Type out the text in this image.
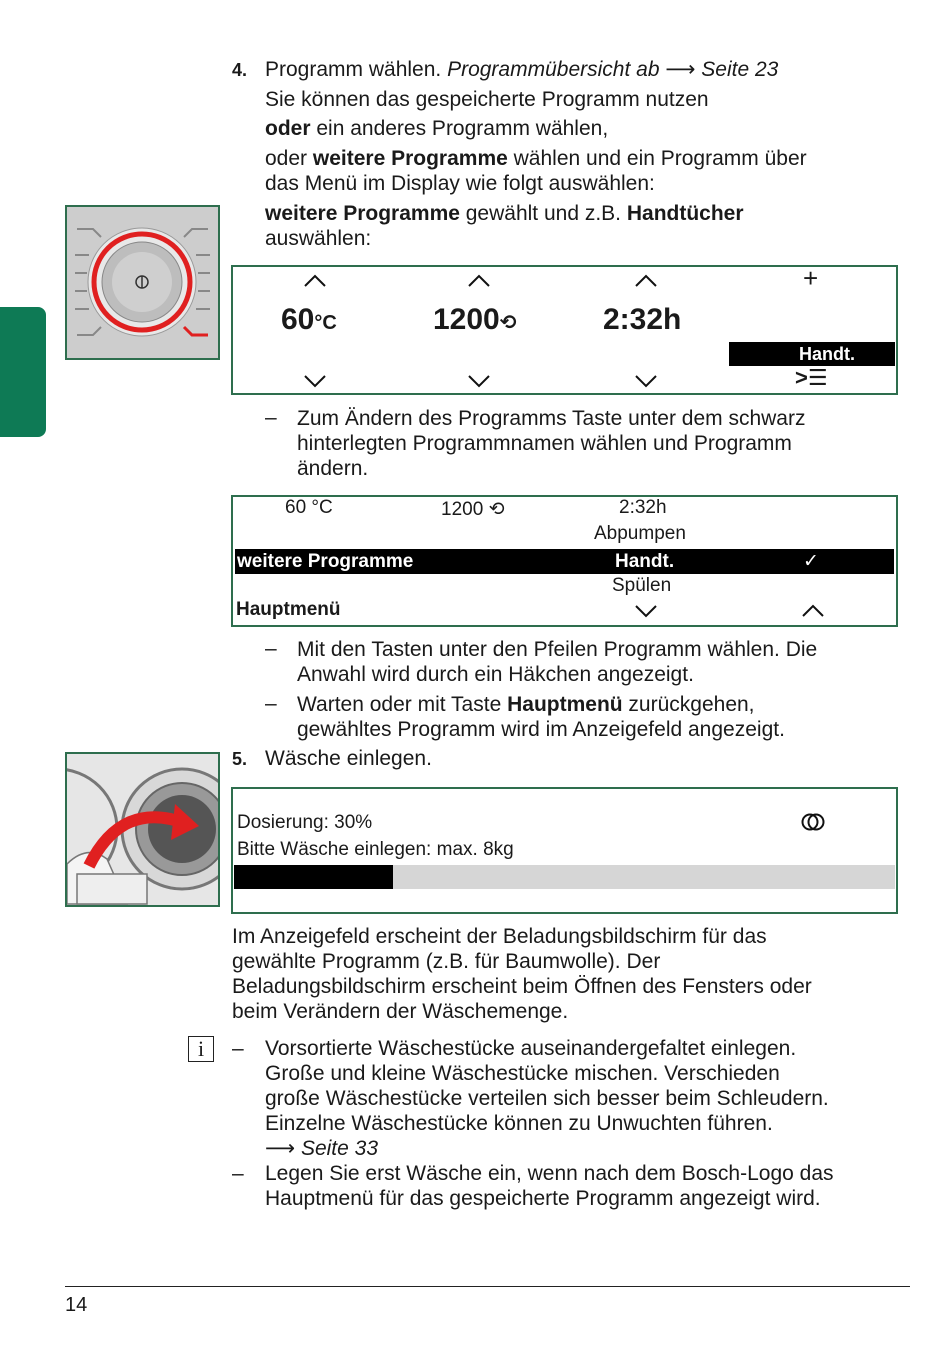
4. Programm wählen. Programmübersicht ab ⟶ Seite 23
Sie können das gespeicherte Programm nutzen
oder ein anderes Programm wählen,
oder weitere Programme wählen und ein Programm über
das Menü im Display wie folgt auswählen:
weitere Programme gewählt und z.B. Handtücher
auswählen:
+
60°C	1200⟲	2:32h
Handt.
>☰
– Zum Ändern des Programms Taste unter dem schwarz
hinterlegten Programmnamen wählen und Programm
ändern.
60 °C	1200 ⟲	2:32h
Abpumpen
weitere Programme	Handt.	✓
Spülen
Hauptmenü
– Mit den Tasten unter den Pfeilen Programm wählen. Die
Anwahl wird durch ein Häkchen angezeigt.
– Warten oder mit Taste Hauptmenü zurückgehen,
gewähltes Programm wird im Anzeigefeld angezeigt.
5. Wäsche einlegen.
Dosierung: 30%
Bitte Wäsche einlegen: max. 8kg
Im Anzeigefeld erscheint der Beladungsbildschirm für das
gewählte Programm (z.B. für Baumwolle). Der
Beladungsbildschirm erscheint beim Öffnen des Fensters oder
beim Verändern der Wäschemenge.
i	– Vorsortierte Wäschestücke auseinandergefaltet einlegen.
Große und kleine Wäschestücke mischen. Verschieden
große Wäschestücke verteilen sich besser beim Schleudern.
Einzelne Wäschestücke können zu Unwuchten führen.
⟶ Seite 33
– Legen Sie erst Wäsche ein, wenn nach dem Bosch-Logo das
Hauptmenü für das gespeicherte Programm angezeigt wird.
14
